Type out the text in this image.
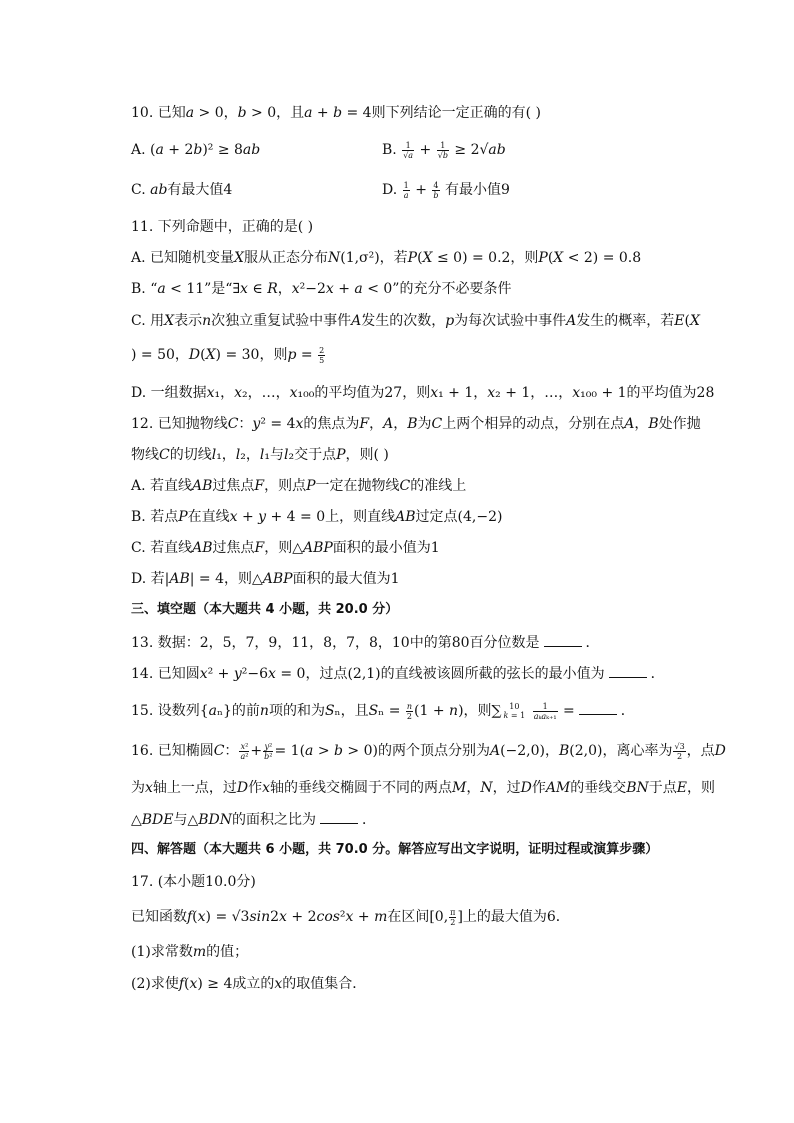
10. 已知𝑎 > 0，𝑏 > 0，且𝑎 + 𝑏 = 4则下列结论一定正确的有( )
A. (𝑎 + 2𝑏)² ≥ 8𝑎𝑏	B. $\frac{1}{\text{√𝑎}} + \frac{1}{\text{√𝑏}}$ ≥ 2√𝑎𝑏
C. 𝑎𝑏有最大值4	D. $\frac{1}{\text{𝑎}} + \frac{4}{\text{𝑏}}$ 有最小值9
11. 下列命题中，正确的是( )
A. 已知随机变量𝑋服从正态分布𝑁(1,σ²)，若𝑃(𝑋 ≤ 0) = 0.2，则𝑃(𝑋 < 2) = 0.8
B. “𝑎 < 11”是“∃𝑥 ∈ 𝑅，𝑥²−2𝑥 + 𝑎 < 0”的充分不必要条件
C. 用𝑋表示𝑛次独立重复试验中事件𝐴发生的次数，𝑝为每次试验中事件𝐴发生的概率，若𝐸(𝑋
) = 50，𝐷(𝑋) = 30，则𝑝 = $\frac{2}{5}$
D. 一组数据𝑥₁，𝑥₂，…，𝑥₁₀₀的平均值为27，则𝑥₁ + 1，𝑥₂ + 1，…，𝑥₁₀₀ + 1的平均值为28
12. 已知抛物线𝐶：𝑦² = 4𝑥的焦点为𝐹，𝐴，𝐵为𝐶上两个相异的动点，分别在点𝐴，𝐵处作抛
物线𝐶的切线𝑙₁，𝑙₂，𝑙₁与𝑙₂交于点𝑃，则( )
A. 若直线𝐴𝐵过焦点𝐹，则点𝑃一定在抛物线𝐶的准线上
B. 若点𝑃在直线𝑥 + 𝑦 + 4 = 0上，则直线𝐴𝐵过定点(4,−2)
C. 若直线𝐴𝐵过焦点𝐹，则△𝐴𝐵𝑃面积的最小值为1
D. 若|𝐴𝐵| = 4，则△𝐴𝐵𝑃面积的最大值为1
三、填空题（本大题共 4 小题，共 20.0 分）
13. 数据：2，5，7，9，11，8，7，8，10中的第80百分位数是	．
14. 已知圆𝑥² + 𝑦²−6𝑥 = 0，过点(2,1)的直线被该圆所截的弦长的最小值为	．
15. 设数列{𝑎ₙ}的前𝑛项的和为𝑆ₙ，且𝑆ₙ = $\frac{\text{𝑛}}{2} (1$ + 𝑛)，则∑ 10
𝑘 = 1
$\frac{1}{\text{𝑎ₖ𝑎ₖ₊₁}}$ =	．
16. 已知椭圆𝐶： $\frac{\text{𝑥²}}{\text{𝑎²}} + \frac{\text{𝑦²}}{\text{𝑏²}}$ = 1(𝑎 > 𝑏 > 0)的两个顶点分别为𝐴(−2,0)，𝐵(2,0)，离心率为 $\frac{√3}{2}$ ，点𝐷
为𝑥轴上一点，过𝐷作𝑥轴的垂线交椭圆于不同的两点𝑀，𝑁，过𝐷作𝐴𝑀的垂线交𝐵𝑁于点𝐸，则
△𝐵𝐷𝐸与△𝐵𝐷𝑁的面积之比为	．
四、解答题（本大题共 6 小题，共 70.0 分。解答应写出文字说明，证明过程或演算步骤）
17. (本小题10.0分)
已知函数𝑓(𝑥) = √3𝑠𝑖𝑛2𝑥 + 2𝑐𝑜𝑠²𝑥 + 𝑚在区间[0, $\frac{\pi}{2}$ ]上的最大值为6．
(1)求常数𝑚的值；
(2)求使𝑓(𝑥) ≥ 4成立的𝑥的取值集合．
